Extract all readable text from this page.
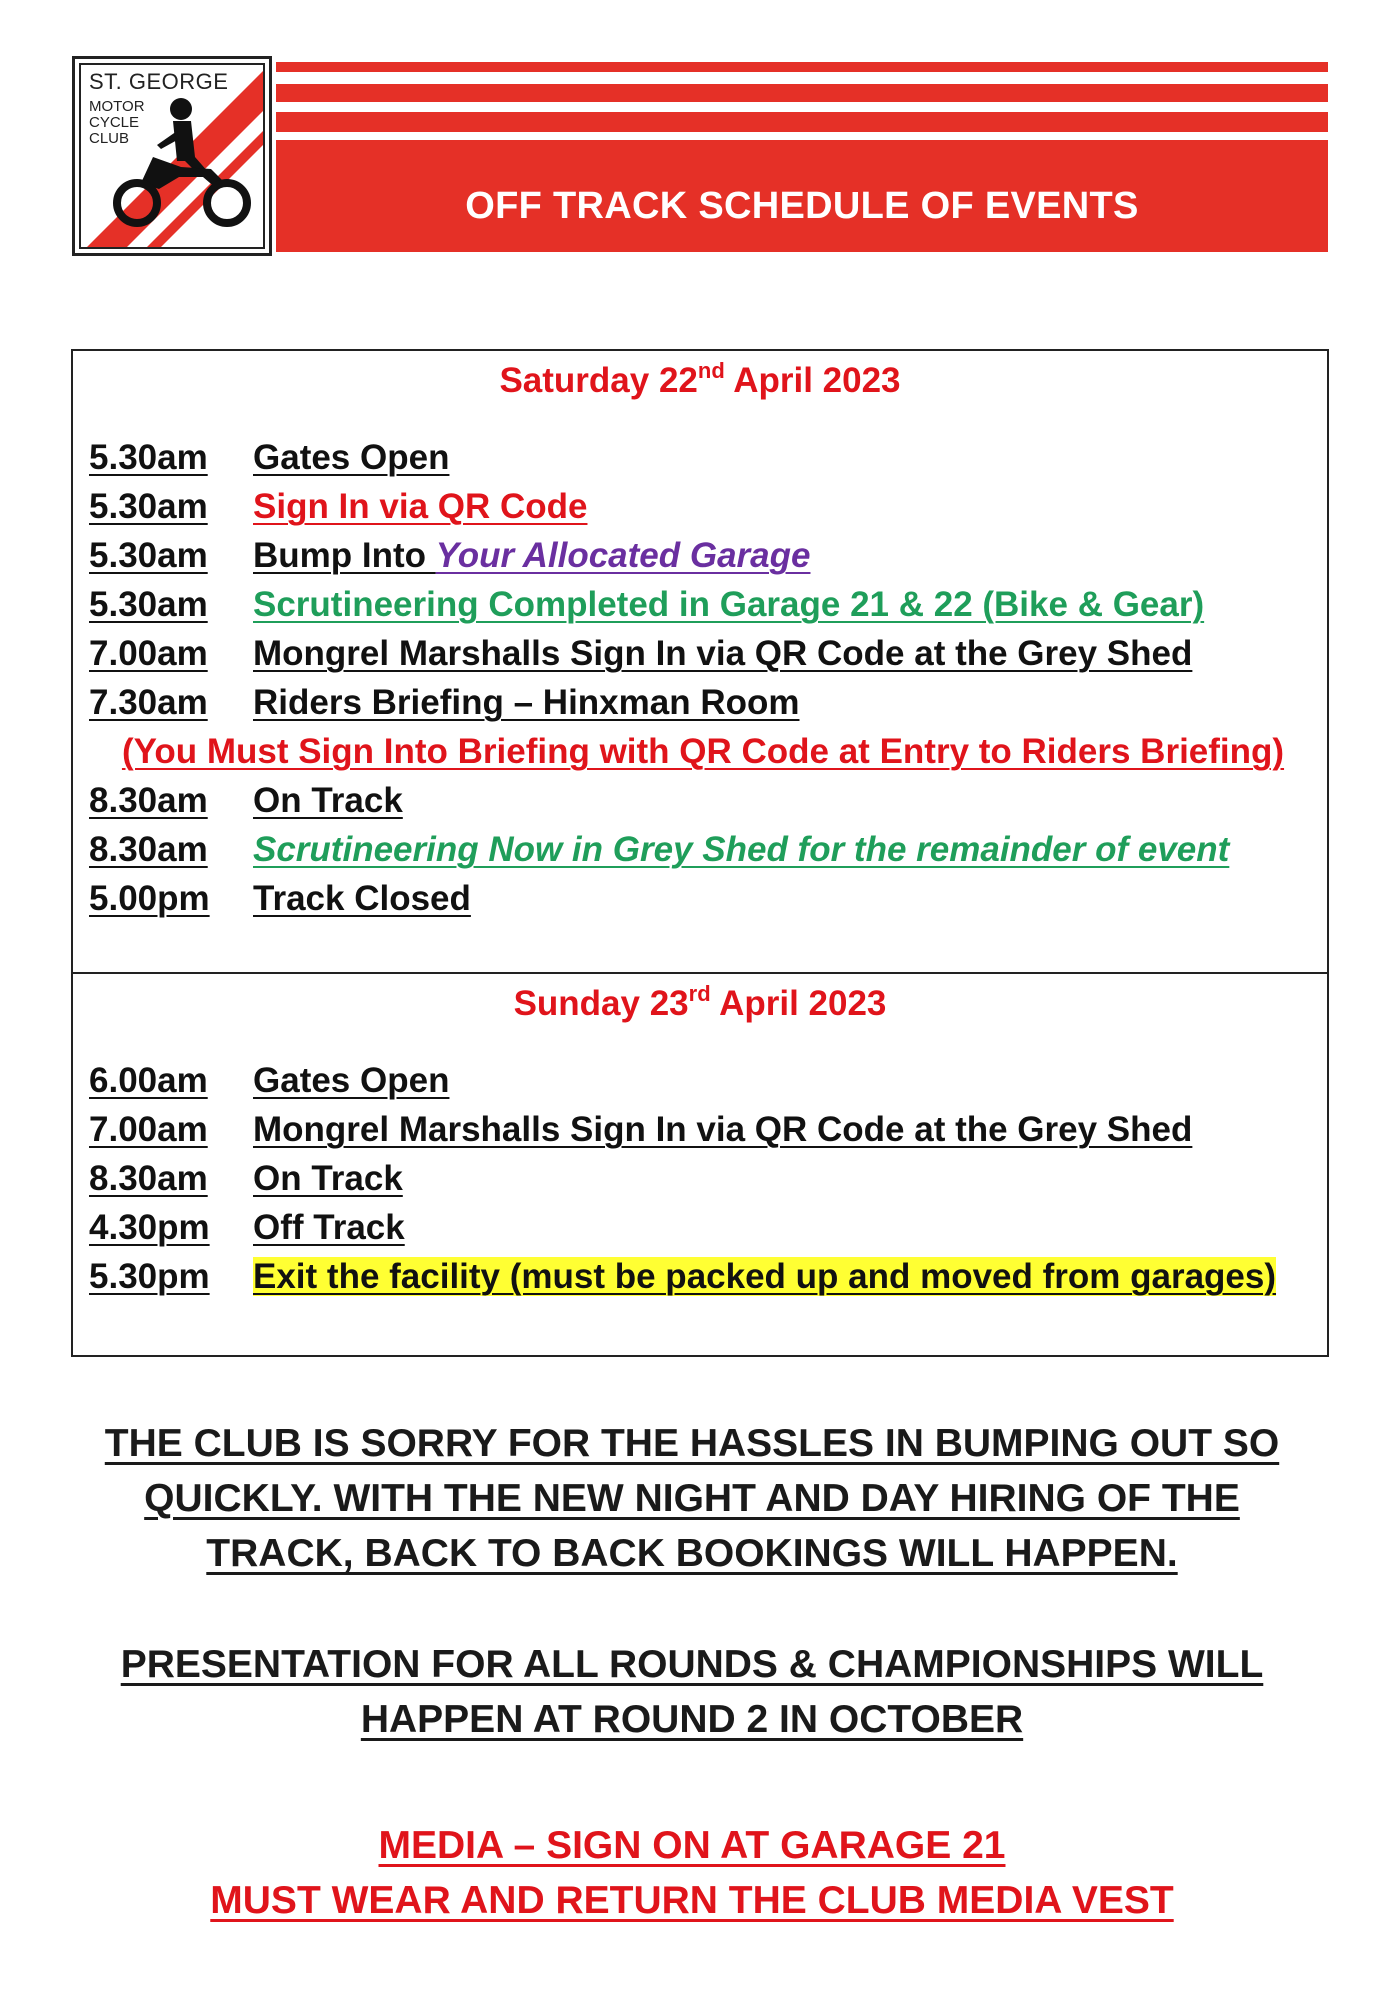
ST. GEORGE
MOTOR
CYCLE
CLUB
OFF TRACK SCHEDULE OF EVENTS
Saturday 22nd April 2023
5.30am Gates Open
5.30am Sign In via QR Code
5.30am Bump Into Your Allocated Garage
5.30am Scrutineering Completed in Garage 21 & 22 (Bike & Gear)
7.00am Mongrel Marshalls Sign In via QR Code at the Grey Shed
7.30am Riders Briefing – Hinxman Room
(You Must Sign Into Briefing with QR Code at Entry to Riders Briefing)
8.30am On Track
8.30am Scrutineering Now in Grey Shed for the remainder of event
5.00pm Track Closed
Sunday 23rd April 2023
6.00am Gates Open
7.00am Mongrel Marshalls Sign In via QR Code at the Grey Shed
8.30am On Track
4.30pm Off Track
5.30pm Exit the facility (must be packed up and moved from garages)
THE CLUB IS SORRY FOR THE HASSLES IN BUMPING OUT SO
QUICKLY. WITH THE NEW NIGHT AND DAY HIRING OF THE
TRACK, BACK TO BACK BOOKINGS WILL HAPPEN.
PRESENTATION FOR ALL ROUNDS & CHAMPIONSHIPS WILL
HAPPEN AT ROUND 2 IN OCTOBER
MEDIA – SIGN ON AT GARAGE 21
MUST WEAR AND RETURN THE CLUB MEDIA VEST
